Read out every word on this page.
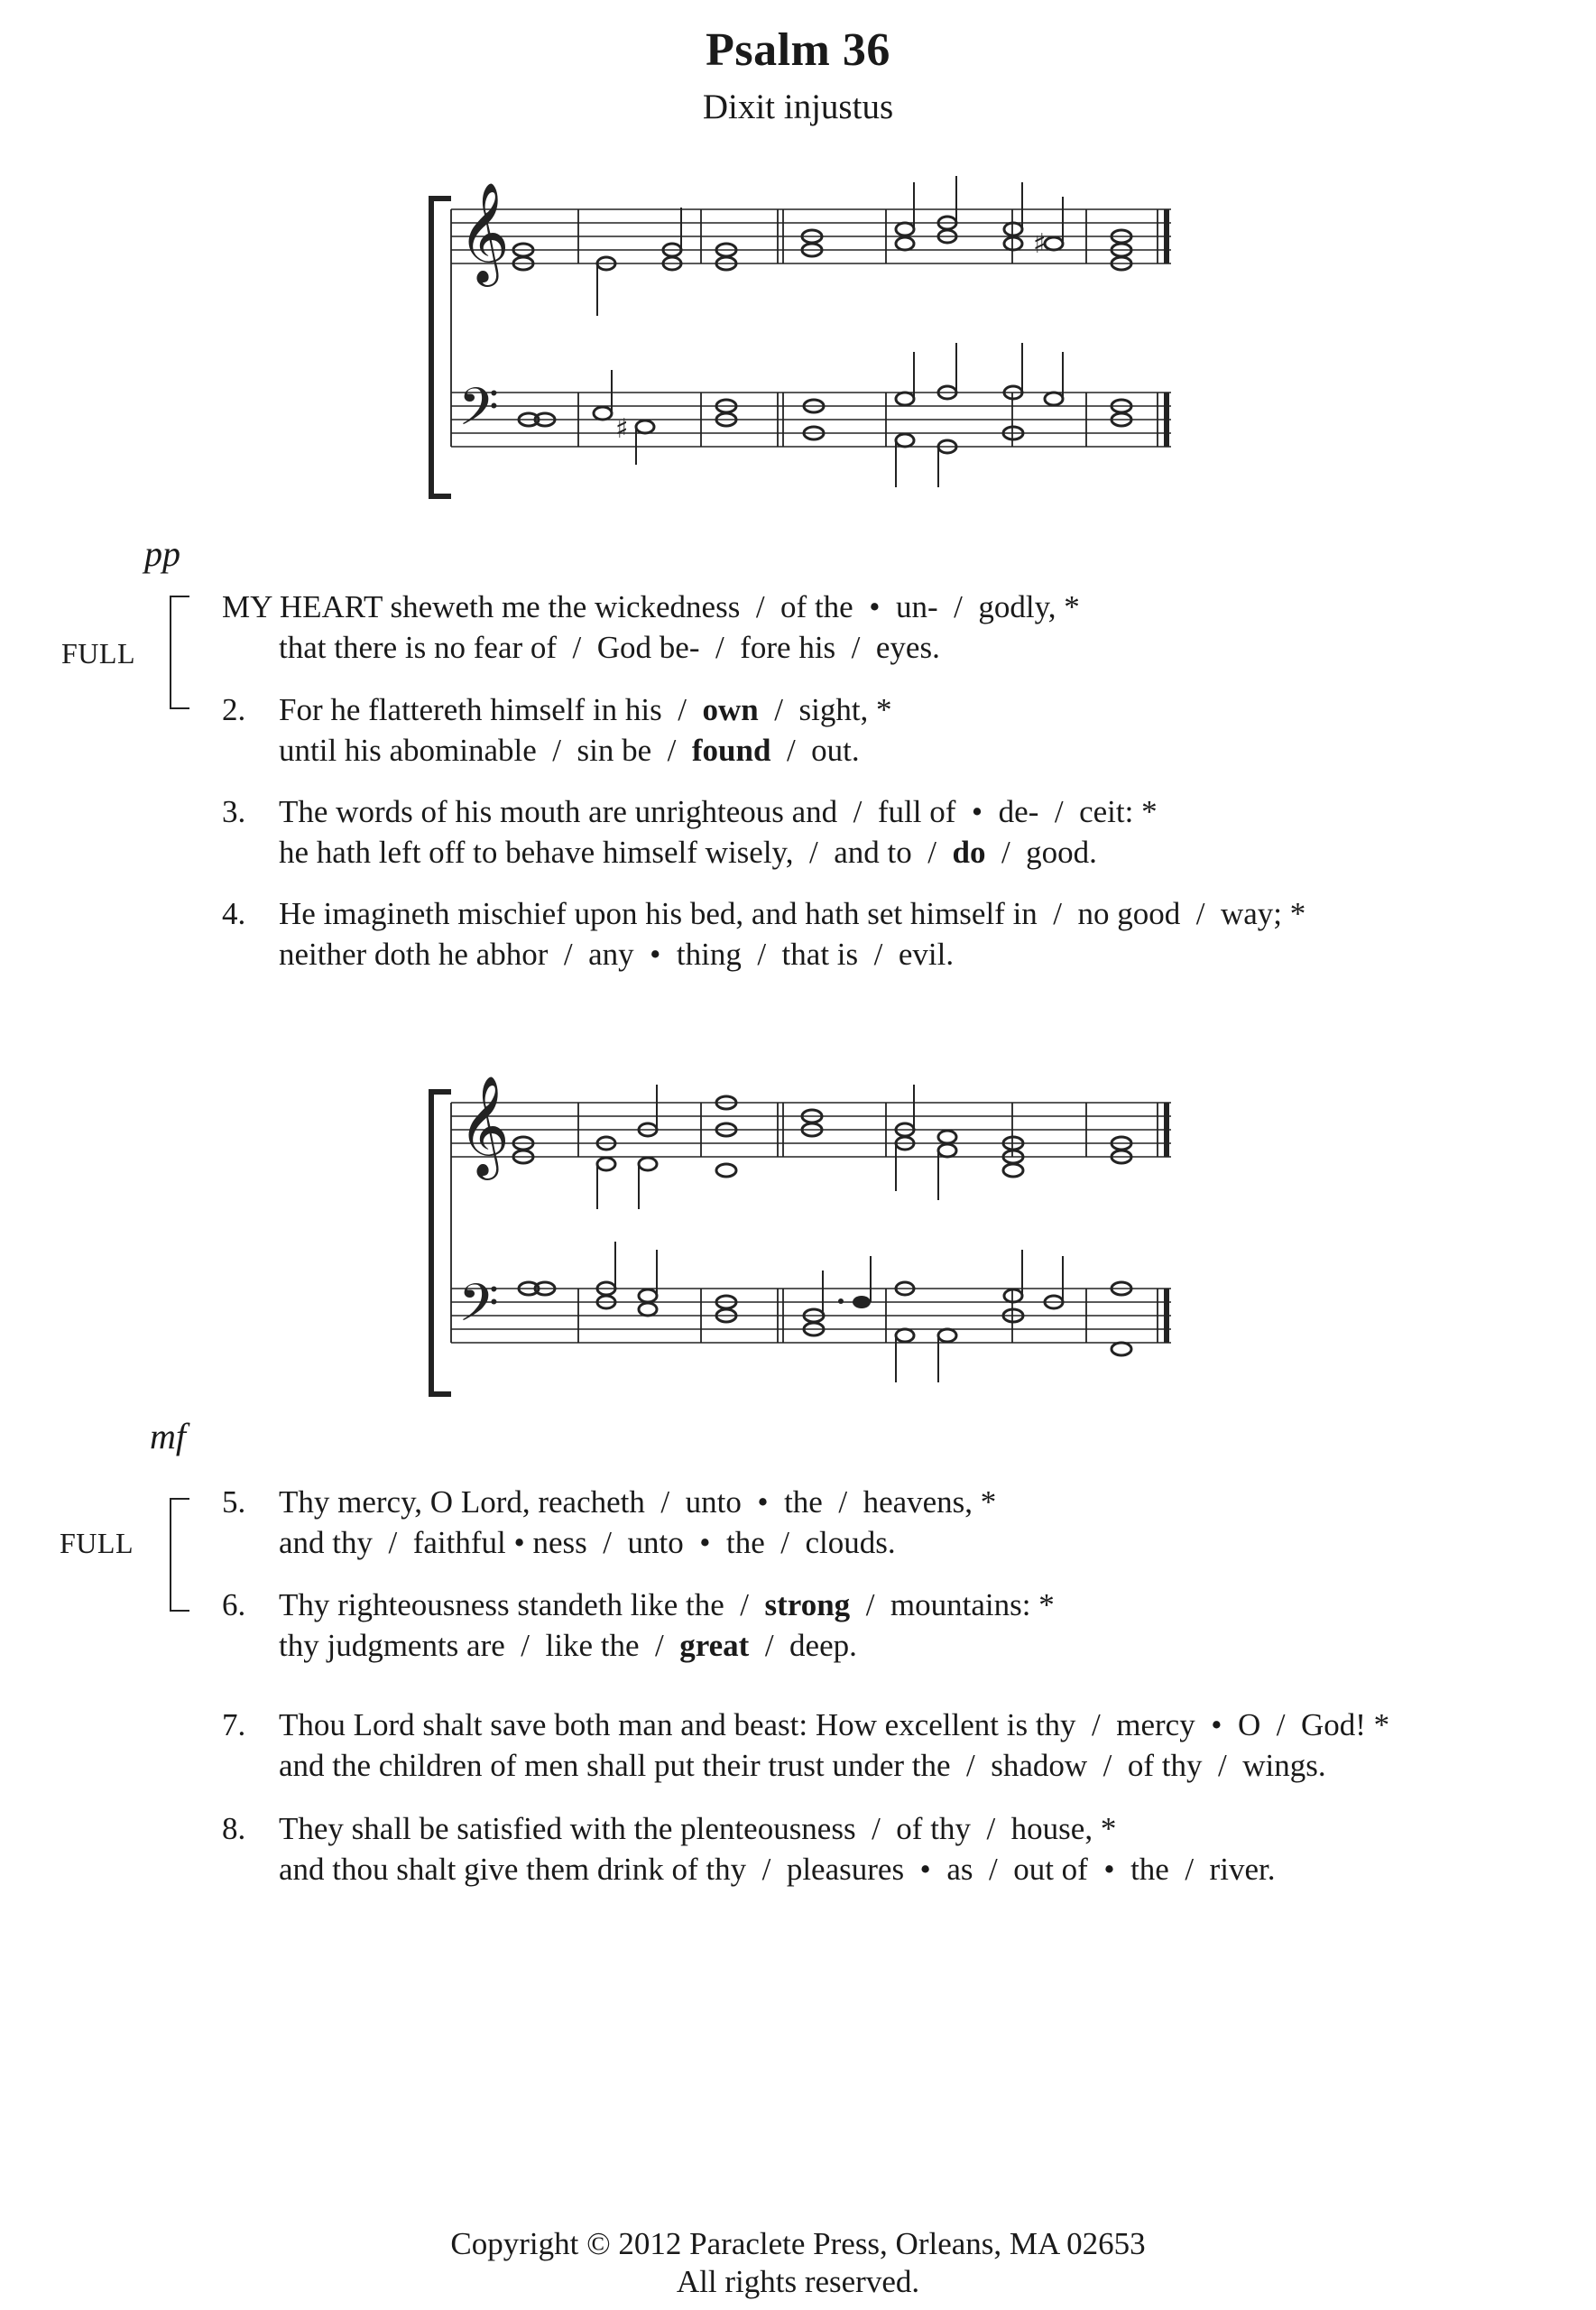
Psalm 36
Dixit injustus
𝄞
𝄢
♯
♯
pp
FULL
MY HEART sheweth me the wickedness  /  of the  •  un-  /  godly, *
that there is no fear of  /  God be-  /  fore his  /  eyes.
2.	For he flattereth himself in his  /  own  /  sight, *
until his abominable  /  sin be  /  found  /  out.
3.	The words of his mouth are unrighteous and  /  full of  •  de-  /  ceit: *
he hath left off to behave himself wisely,  /  and to  /  do  /  good.
4.	He imagineth mischief upon his bed, and hath set himself in  /  no good  /  way; *
neither doth he abhor  /  any  •  thing  /  that is  /  evil.
𝄞
𝄢
mf
FULL
5.	Thy mercy, O Lord, reacheth  /  unto  •  the  /  heavens, *
and thy  /  faithful • ness  /  unto  •  the  /  clouds.
6.	Thy righteousness standeth like the  /  strong  /  mountains: *
thy judgments are  /  like the  /  great  /  deep.
7.	Thou Lord shalt save both man and beast: How excellent is thy  /  mercy  •  O  /  God! *
and the children of men shall put their trust under the  /  shadow  /  of thy  /  wings.
8.	They shall be satisfied with the plenteousness  /  of thy  /  house, *
and thou shalt give them drink of thy  /  pleasures  •  as  /  out of  •  the  /  river.
Copyright © 2012 Paraclete Press, Orleans, MA 02653
All rights reserved.
